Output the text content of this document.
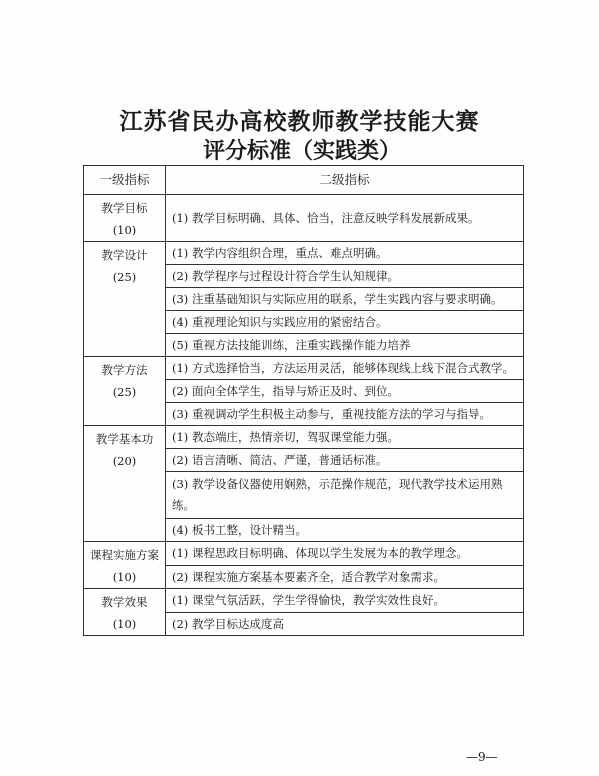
江苏省民办高校教师教学技能大赛
评分标准（实践类）
一级指标	二级指标
教学目标(10)	(1) 教学目标明确、具体、恰当，注意反映学科发展新成果。
教学设计(25)	(1) 教学内容组织合理，重点、难点明确。
	(2) 教学程序与过程设计符合学生认知规律。
	(3) 注重基础知识与实际应用的联系，学生实践内容与要求明确。
	(4) 重视理论知识与实践应用的紧密结合。
	(5) 重视方法技能训练，注重实践操作能力培养
教学方法(25)	(1) 方式选择恰当，方法运用灵活，能够体现线上线下混合式教学。
	(2) 面向全体学生，指导与矫正及时、到位。
	(3) 重视调动学生积极主动参与，重视技能方法的学习与指导。

教学基本功
(20)	(1) 教态端庄，热情亲切，驾驭课堂能力强。
	(2) 语言清晰、简洁、严谨，普通话标准。
	(3) 教学设备仪器使用娴熟，示范操作规范，现代教学技术运用熟练。
	(4) 板书工整，设计精当。

课程实施方案
(10)	(1) 课程思政目标明确、体现以学生发展为本的教学理念。
	(2) 课程实施方案基本要素齐全，适合教学对象需求。
教学效果(10)	(1) 课堂气氛活跃，学生学得愉快，教学实效性良好。
	(2) 教学目标达成度高
—9—
